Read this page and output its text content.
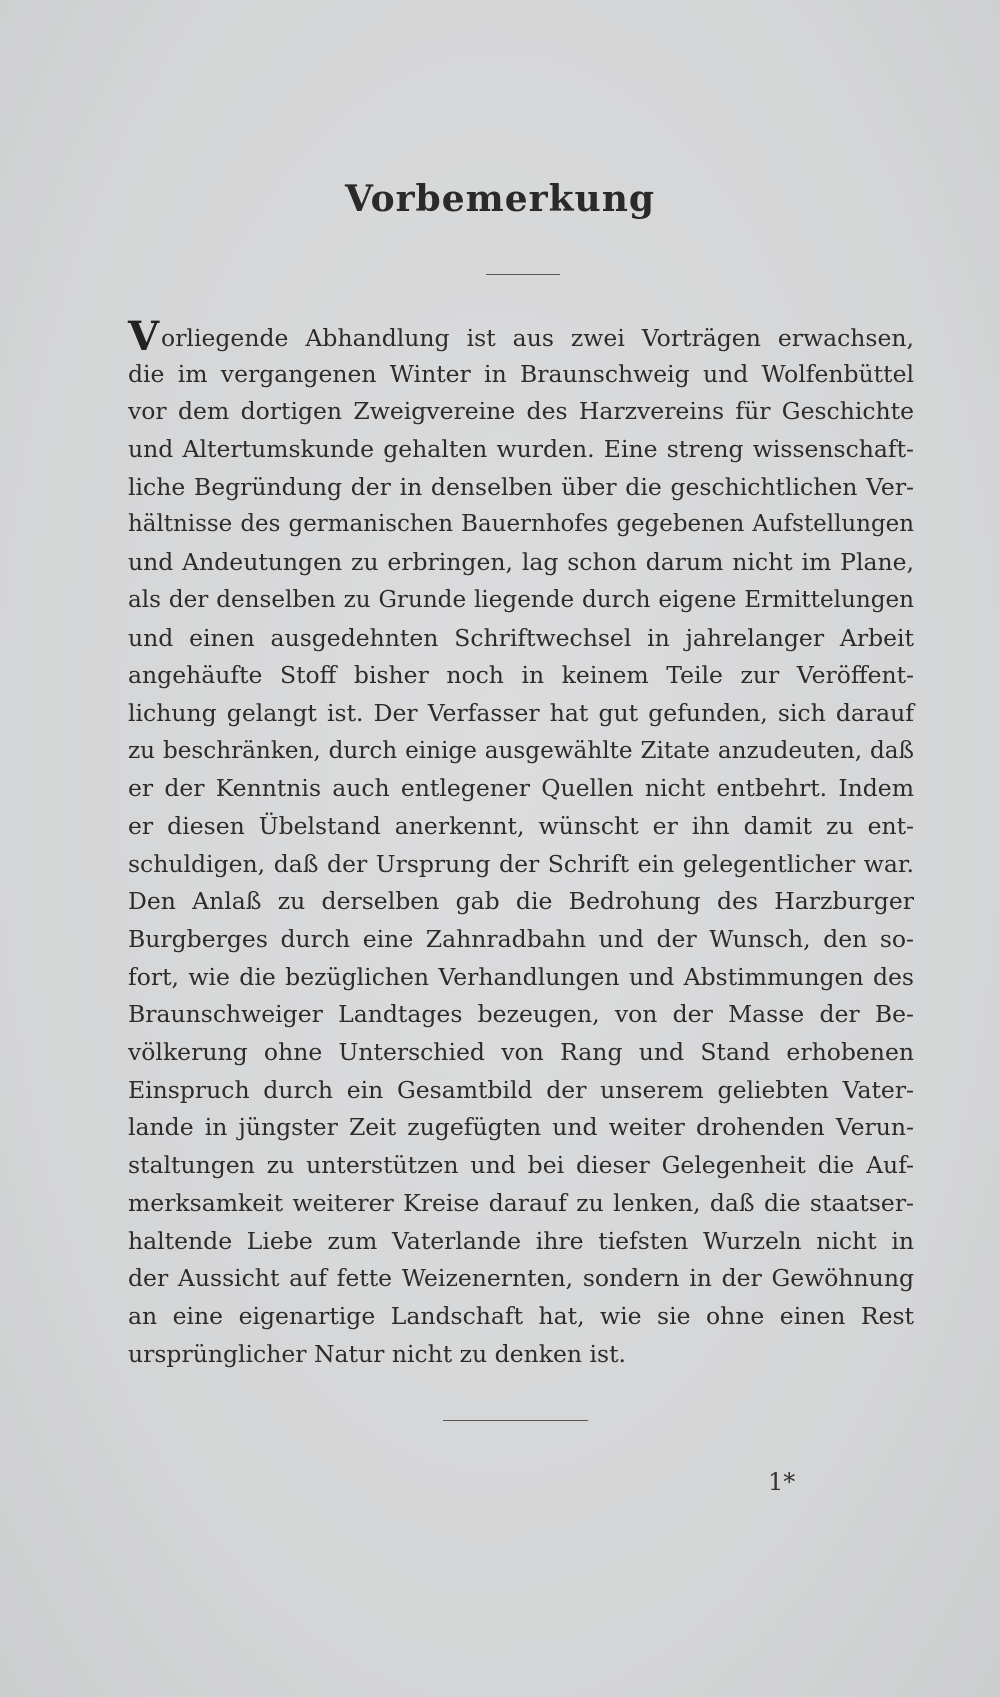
Vorbemerkung
Vorliegende Abhandlung ist aus zwei Vorträgen erwachsen,
die im vergangenen Winter in Braunschweig und Wolfenbüttel
vor dem dortigen Zweigvereine des Harzvereins für Geschichte
und Altertumskunde gehalten wurden. Eine streng wissenschaft-
liche Begründung der in denselben über die geschichtlichen Ver-
hältnisse des germanischen Bauernhofes gegebenen Aufstellungen
und Andeutungen zu erbringen, lag schon darum nicht im Plane,
als der denselben zu Grunde liegende durch eigene Ermittelungen
und einen ausgedehnten Schriftwechsel in jahrelanger Arbeit
angehäufte Stoff bisher noch in keinem Teile zur Veröffent-
lichung gelangt ist. Der Verfasser hat gut gefunden, sich darauf
zu beschränken, durch einige ausgewählte Zitate anzudeuten, daß
er der Kenntnis auch entlegener Quellen nicht entbehrt. Indem
er diesen Übelstand anerkennt, wünscht er ihn damit zu ent-
schuldigen, daß der Ursprung der Schrift ein gelegentlicher war.
Den Anlaß zu derselben gab die Bedrohung des Harzburger
Burgberges durch eine Zahnradbahn und der Wunsch, den so-
fort, wie die bezüglichen Verhandlungen und Abstimmungen des
Braunschweiger Landtages bezeugen, von der Masse der Be-
völkerung ohne Unterschied von Rang und Stand erhobenen
Einspruch durch ein Gesamtbild der unserem geliebten Vater-
lande in jüngster Zeit zugefügten und weiter drohenden Verun-
staltungen zu unterstützen und bei dieser Gelegenheit die Auf-
merksamkeit weiterer Kreise darauf zu lenken, daß die staatser-
haltende Liebe zum Vaterlande ihre tiefsten Wurzeln nicht in
der Aussicht auf fette Weizenernten, sondern in der Gewöhnung
an eine eigenartige Landschaft hat, wie sie ohne einen Rest
ursprünglicher Natur nicht zu denken ist.
1*
